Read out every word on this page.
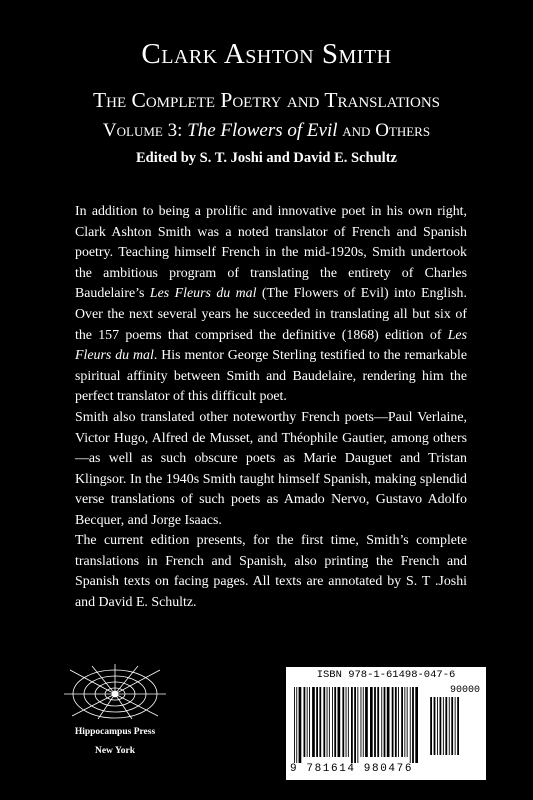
Clark Ashton Smith
The Complete Poetry and Translations
Volume 3: The Flowers of Evil and Others
Edited by S. T. Joshi and David E. Schultz

In addition to being a prolific and innovative poet in his own right, Clark Ashton Smith was a noted translator of French and Spanish poetry. Teaching himself French in the mid-1920s, Smith undertook the ambitious program of translating the entirety of Charles Baudelaire’s Les Fleurs du mal (The Flowers of Evil) into English. Over the next several years he succeeded in translating all but six of the 157 poems that comprised the definitive (1868) edition of Les Fleurs du mal. His mentor George Sterling testified to the remarkable spiritual affinity between Smith and Baudelaire, rendering him the perfect translator of this difficult poet.

Smith also translated other noteworthy French poets—Paul Verlaine, Victor Hugo, Alfred de Musset, and Théophile Gautier, among others—as well as such obscure poets as Marie Dauguet and Tristan Klingsor. In the 1940s Smith taught himself Spanish, making splendid verse translations of such poets as Amado Nervo, Gustavo Adolfo Becquer, and Jorge Isaacs.

The current edition presents, for the first time, Smith’s complete translations in French and Spanish, also printing the French and Spanish texts on facing pages. All texts are annotated by S. T .Joshi and David E. Schultz.

Hippocampus Press
New York
ISBN 978-1-61498-047-6
90000
9 781614 980476
